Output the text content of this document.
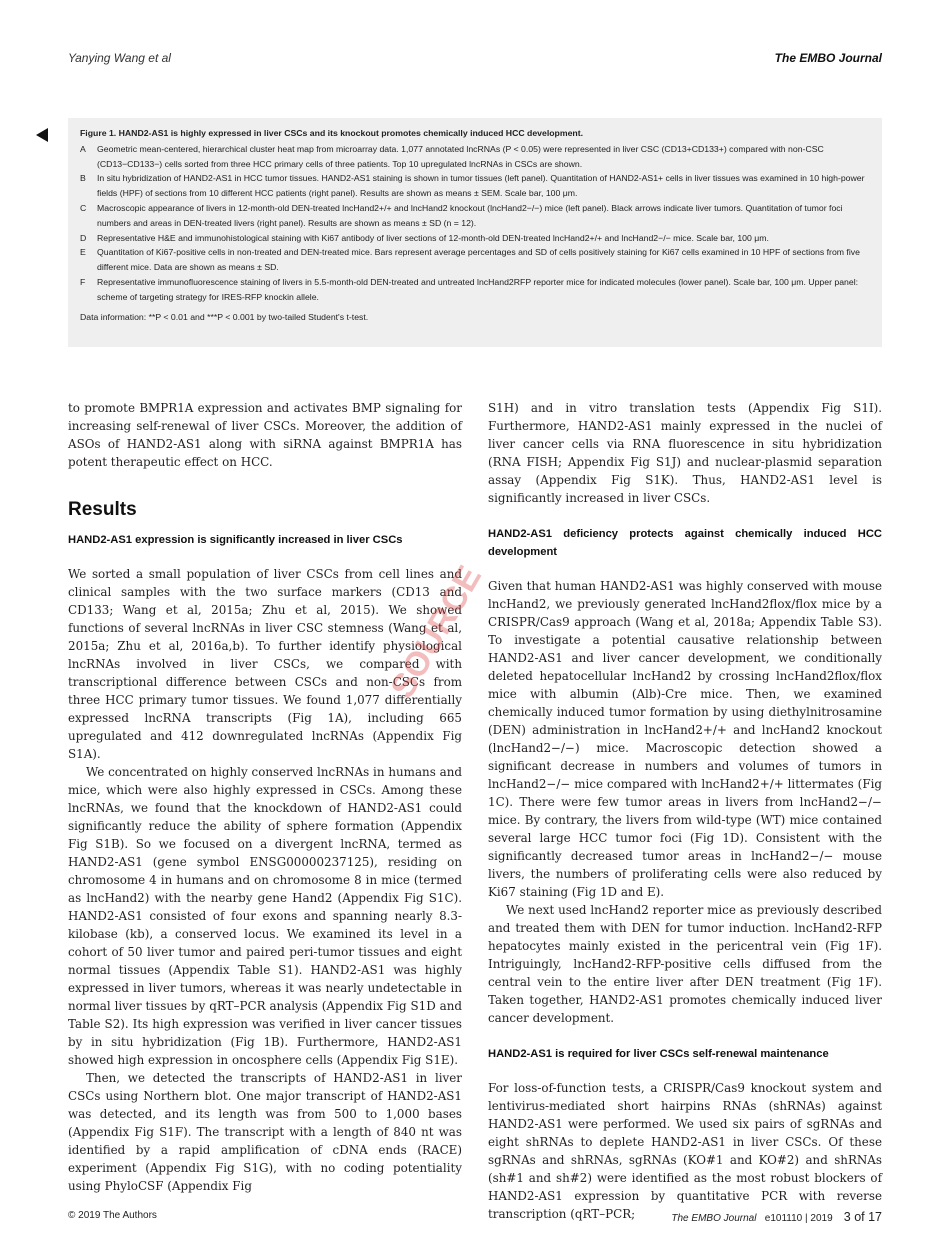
Yanying Wang et al	The EMBO Journal

Figure 1. HAND2-AS1 is highly expressed in liver CSCs and its knockout promotes chemically induced HCC development.

A	Geometric mean-centered, hierarchical cluster heat map from microarray data. 1,077 annotated lncRNAs (P < 0.05) were represented in liver CSC (CD13+CD133+) compared with non-CSC (CD13−CD133−) cells sorted from three HCC primary cells of three patients. Top 10 upregulated lncRNAs in CSCs are shown.
B	In situ hybridization of HAND2-AS1 in HCC tumor tissues. HAND2-AS1 staining is shown in tumor tissues (left panel). Quantitation of HAND2-AS1+ cells in liver tissues was examined in 10 high-power fields (HPF) of sections from 10 different HCC patients (right panel). Results are shown as means ± SEM. Scale bar, 100 μm.
C	Macroscopic appearance of livers in 12-month-old DEN-treated lncHand2+/+ and lncHand2 knockout (lncHand2−/−) mice (left panel). Black arrows indicate liver tumors. Quantitation of tumor foci numbers and areas in DEN-treated livers (right panel). Results are shown as means ± SD (n = 12).
D	Representative H&E and immunohistological staining with Ki67 antibody of liver sections of 12-month-old DEN-treated lncHand2+/+ and lncHand2−/− mice. Scale bar, 100 μm.
E	Quantitation of Ki67-positive cells in non-treated and DEN-treated mice. Bars represent average percentages and SD of cells positively staining for Ki67 cells examined in 10 HPF of sections from five different mice. Data are shown as means ± SD.
F	Representative immunofluorescence staining of livers in 5.5-month-old DEN-treated and untreated lncHand2RFP reporter mice for indicated molecules (lower panel). Scale bar, 100 μm. Upper panel: scheme of targeting strategy for IRES-RFP knockin allele.

Data information: **P < 0.01 and ***P < 0.001 by two-tailed Student's t-test.

to promote BMPR1A expression and activates BMP signaling for increasing self-renewal of liver CSCs. Moreover, the addition of ASOs of HAND2-AS1 along with siRNA against BMPR1A has potent therapeutic effect on HCC.

Results
HAND2-AS1 expression is significantly increased in liver CSCs

We sorted a small population of liver CSCs from cell lines and clinical samples with the two surface markers (CD13 and CD133; Wang et al, 2015a; Zhu et al, 2015). We showed functions of several lncRNAs in liver CSC stemness (Wang et al, 2015a; Zhu et al, 2016a,b). To further identify physiological lncRNAs involved in liver CSCs, we compared with transcriptional difference between CSCs and non-CSCs from three HCC primary tumor tissues. We found 1,077 differentially expressed lncRNA transcripts (Fig 1A), including 665 upregulated and 412 downregulated lncRNAs (Appendix Fig S1A).

We concentrated on highly conserved lncRNAs in humans and mice, which were also highly expressed in CSCs. Among these lncRNAs, we found that the knockdown of HAND2-AS1 could significantly reduce the ability of sphere formation (Appendix Fig S1B). So we focused on a divergent lncRNA, termed as HAND2-AS1 (gene symbol ENSG00000237125), residing on chromosome 4 in humans and on chromosome 8 in mice (termed as lncHand2) with the nearby gene Hand2 (Appendix Fig S1C). HAND2-AS1 consisted of four exons and spanning nearly 8.3-kilobase (kb), a conserved locus. We examined its level in a cohort of 50 liver tumor and paired peri-tumor tissues and eight normal tissues (Appendix Table S1). HAND2-AS1 was highly expressed in liver tumors, whereas it was nearly undetectable in normal liver tissues by qRT–PCR analysis (Appendix Fig S1D and Table S2). Its high expression was verified in liver cancer tissues by in situ hybridization (Fig 1B). Furthermore, HAND2-AS1 showed high expression in oncosphere cells (Appendix Fig S1E).

Then, we detected the transcripts of HAND2-AS1 in liver CSCs using Northern blot. One major transcript of HAND2-AS1 was detected, and its length was from 500 to 1,000 bases (Appendix Fig S1F). The transcript with a length of 840 nt was identified by a rapid amplification of cDNA ends (RACE) experiment (Appendix Fig S1G), with no coding potentiality using PhyloCSF (Appendix Fig

S1H) and in vitro translation tests (Appendix Fig S1I). Furthermore, HAND2-AS1 mainly expressed in the nuclei of liver cancer cells via RNA fluorescence in situ hybridization (RNA FISH; Appendix Fig S1J) and nuclear-plasmid separation assay (Appendix Fig S1K). Thus, HAND2-AS1 level is significantly increased in liver CSCs.

HAND2-AS1 deficiency protects against chemically induced HCC development

Given that human HAND2-AS1 was highly conserved with mouse lncHand2, we previously generated lncHand2flox/flox mice by a CRISPR/Cas9 approach (Wang et al, 2018a; Appendix Table S3). To investigate a potential causative relationship between HAND2-AS1 and liver cancer development, we conditionally deleted hepatocellular lncHand2 by crossing lncHand2flox/flox mice with albumin (Alb)-Cre mice. Then, we examined chemically induced tumor formation by using diethylnitrosamine (DEN) administration in lncHand2+/+ and lncHand2 knockout (lncHand2−/−) mice. Macroscopic detection showed a significant decrease in numbers and volumes of tumors in lncHand2−/− mice compared with lncHand2+/+ littermates (Fig 1C). There were few tumor areas in livers from lncHand2−/− mice. By contrary, the livers from wild-type (WT) mice contained several large HCC tumor foci (Fig 1D). Consistent with the significantly decreased tumor areas in lncHand2−/− mouse livers, the numbers of proliferating cells were also reduced by Ki67 staining (Fig 1D and E).

We next used lncHand2 reporter mice as previously described and treated them with DEN for tumor induction. lncHand2-RFP hepatocytes mainly existed in the pericentral vein (Fig 1F). Intriguingly, lncHand2-RFP-positive cells diffused from the central vein to the entire liver after DEN treatment (Fig 1F). Taken together, HAND2-AS1 promotes chemically induced liver cancer development.

HAND2-AS1 is required for liver CSCs self-renewal maintenance

For loss-of-function tests, a CRISPR/Cas9 knockout system and lentivirus-mediated short hairpins RNAs (shRNAs) against HAND2-AS1 were performed. We used six pairs of sgRNAs and eight shRNAs to deplete HAND2-AS1 in liver CSCs. Of these sgRNAs and shRNAs, sgRNAs (KO#1 and KO#2) and shRNAs (sh#1 and sh#2) were identified as the most robust blockers of HAND2-AS1 expression by quantitative PCR with reverse transcription (qRT–PCR;

SOURCE
© 2019 The Authors	The EMBO Journal e101110 | 2019 3 of 17
